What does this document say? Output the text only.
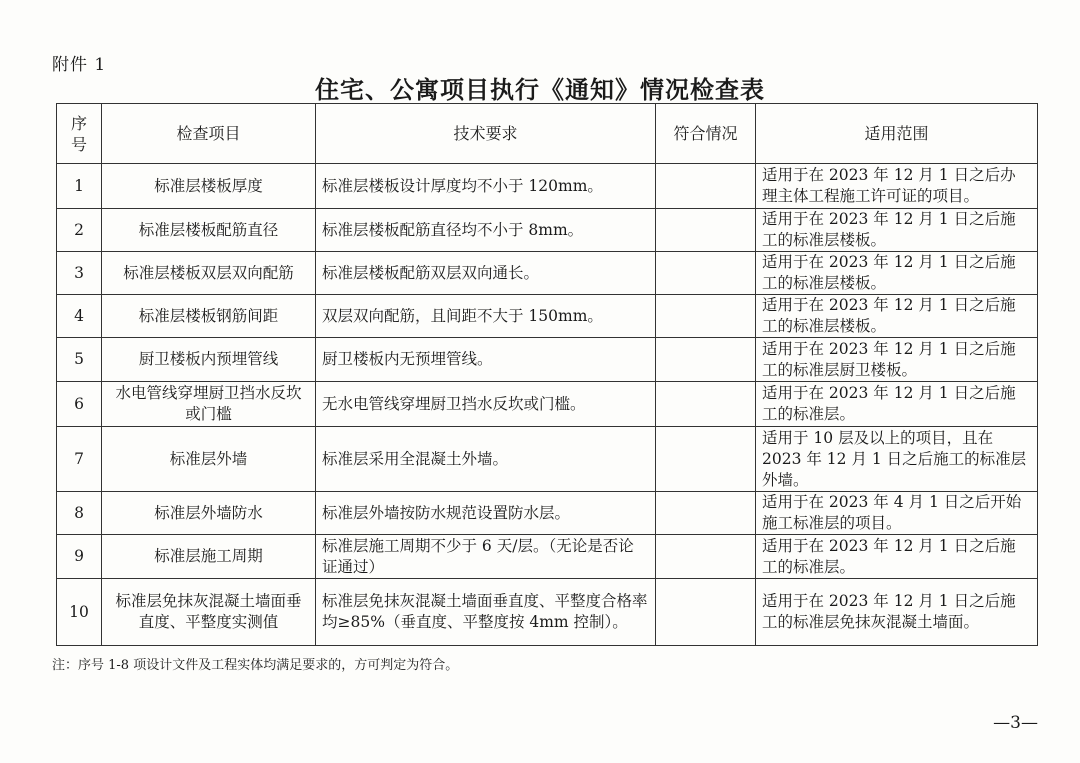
附件 1
住宅、公寓项目执行《通知》情况检查表
序号	检查项目	技术要求	符合情况	适用范围
1	标准层楼板厚度	标准层楼板设计厚度均不小于 120mm。		适用于在 2023 年 12 月 1 日之后办理主体工程施工许可证的项目。
2	标准层楼板配筋直径	标准层楼板配筋直径均不小于 8mm。		适用于在 2023 年 12 月 1 日之后施工的标准层楼板。
3	标准层楼板双层双向配筋	标准层楼板配筋双层双向通长。		适用于在 2023 年 12 月 1 日之后施工的标准层楼板。
4	标准层楼板钢筋间距	双层双向配筋，且间距不大于 150mm。		适用于在 2023 年 12 月 1 日之后施工的标准层楼板。
5	厨卫楼板内预埋管线	厨卫楼板内无预埋管线。		适用于在 2023 年 12 月 1 日之后施工的标准层厨卫楼板。
6	水电管线穿埋厨卫挡水反坎或门槛	无水电管线穿埋厨卫挡水反坎或门槛。		适用于在 2023 年 12 月 1 日之后施工的标准层。
7	标准层外墙	标准层采用全混凝土外墙。		适用于 10 层及以上的项目，且在 2023 年 12 月 1 日之后施工的标准层外墙。
8	标准层外墙防水	标准层外墙按防水规范设置防水层。		适用于在 2023 年 4 月 1 日之后开始施工标准层的项目。
9	标准层施工周期	标准层施工周期不少于 6 天/层。（无论是否论证通过）		适用于在 2023 年 12 月 1 日之后施工的标准层。
10	标准层免抹灰混凝土墙面垂直度、平整度实测值	标准层免抹灰混凝土墙面垂直度、平整度合格率均≥85%（垂直度、平整度按 4mm 控制）。		适用于在 2023 年 12 月 1 日之后施工的标准层免抹灰混凝土墙面。
注：序号 1-8 项设计文件及工程实体均满足要求的，方可判定为符合。
—3—
